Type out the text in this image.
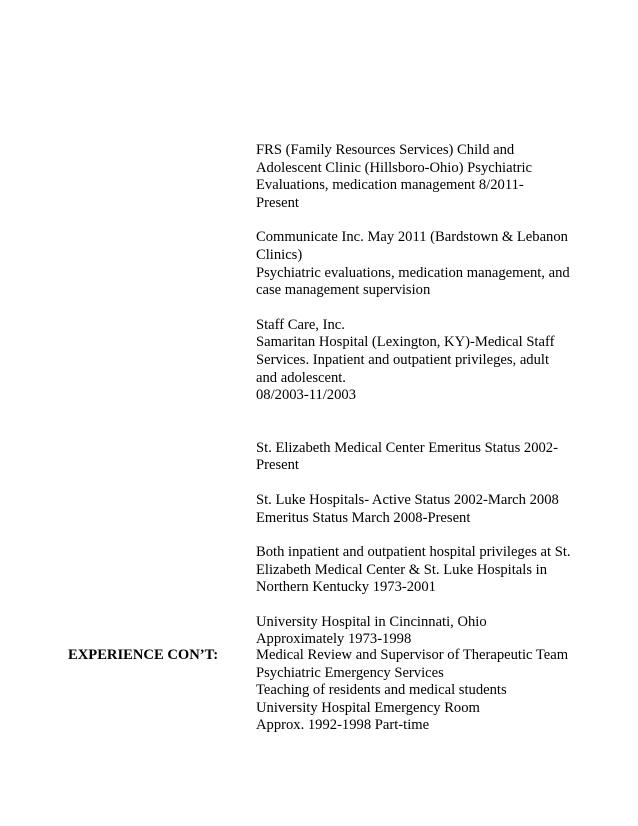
FRS (Family Resources Services) Child and
Adolescent Clinic (Hillsboro-Ohio) Psychiatric
Evaluations, medication management 8/2011-
Present
Communicate Inc. May 2011 (Bardstown & Lebanon
Clinics)
Psychiatric evaluations, medication management, and
case management supervision
Staff Care, Inc.
Samaritan Hospital (Lexington, KY)-Medical Staff
Services. Inpatient and outpatient privileges, adult
and adolescent.
08/2003-11/2003
St. Elizabeth Medical Center Emeritus Status 2002-
Present
St. Luke Hospitals- Active Status 2002-March 2008
Emeritus Status March 2008-Present
Both inpatient and outpatient hospital privileges at St.
Elizabeth Medical Center & St. Luke Hospitals in
Northern Kentucky 1973-2001
University Hospital in Cincinnati, Ohio
Approximately 1973-1998
EXPERIENCE CON’T:	Medical Review and Supervisor of Therapeutic Team
Psychiatric Emergency Services
Teaching of residents and medical students
University Hospital Emergency Room
Approx. 1992-1998 Part-time
